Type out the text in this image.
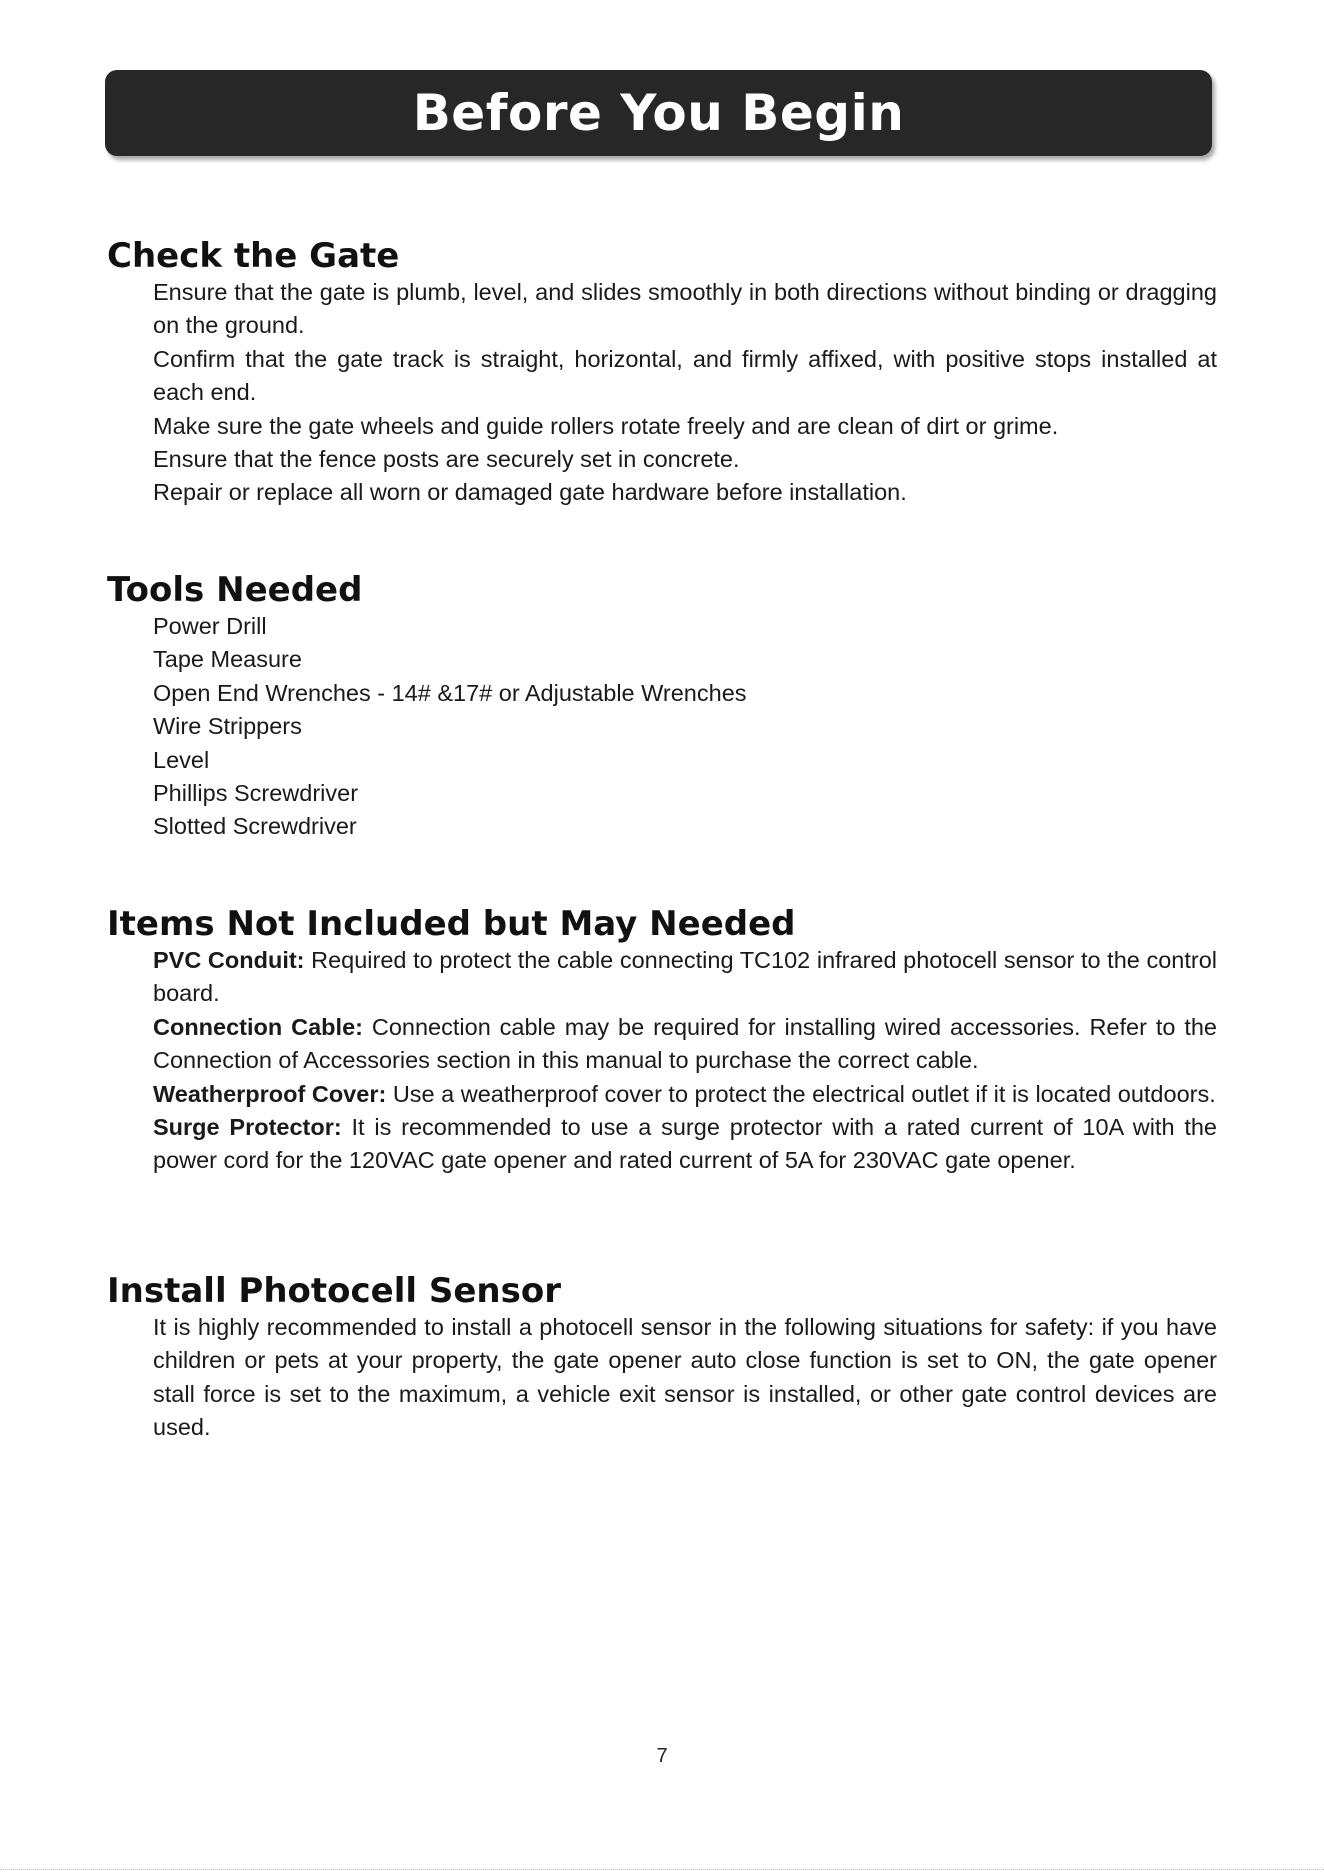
Before You Begin
Check the Gate

Ensure that the gate is plumb, level, and slides smoothly in both directions without binding or dragging on the ground.

Confirm that the gate track is straight, horizontal, and firmly affixed, with positive stops installed at each end.

Make sure the gate wheels and guide rollers rotate freely and are clean of dirt or grime.

Ensure that the fence posts are securely set in concrete.

Repair or replace all worn or damaged gate hardware before installation.

Tools Needed

Power Drill

Tape Measure

Open End Wrenches - 14# &17# or Adjustable Wrenches

Wire Strippers

Level

Phillips Screwdriver

Slotted Screwdriver

Items Not Included but May Needed

PVC Conduit: Required to protect the cable connecting TC102 infrared photocell sensor to the control board.

Connection Cable: Connection cable may be required for installing wired accessories. Refer to the Connection of Accessories section in this manual to purchase the correct cable.

Weatherproof Cover: Use a weatherproof cover to protect the electrical outlet if it is located outdoors.

Surge Protector: It is recommended to use a surge protector with a rated current of 10A with the power cord for the 120VAC gate opener and rated current of 5A for 230VAC gate opener.

Install Photocell Sensor

It is highly recommended to install a photocell sensor in the following situations for safety: if you have children or pets at your property, the gate opener auto close function is set to ON, the gate opener stall force is set to the maximum, a vehicle exit sensor is installed, or other gate control devices are used.

7
